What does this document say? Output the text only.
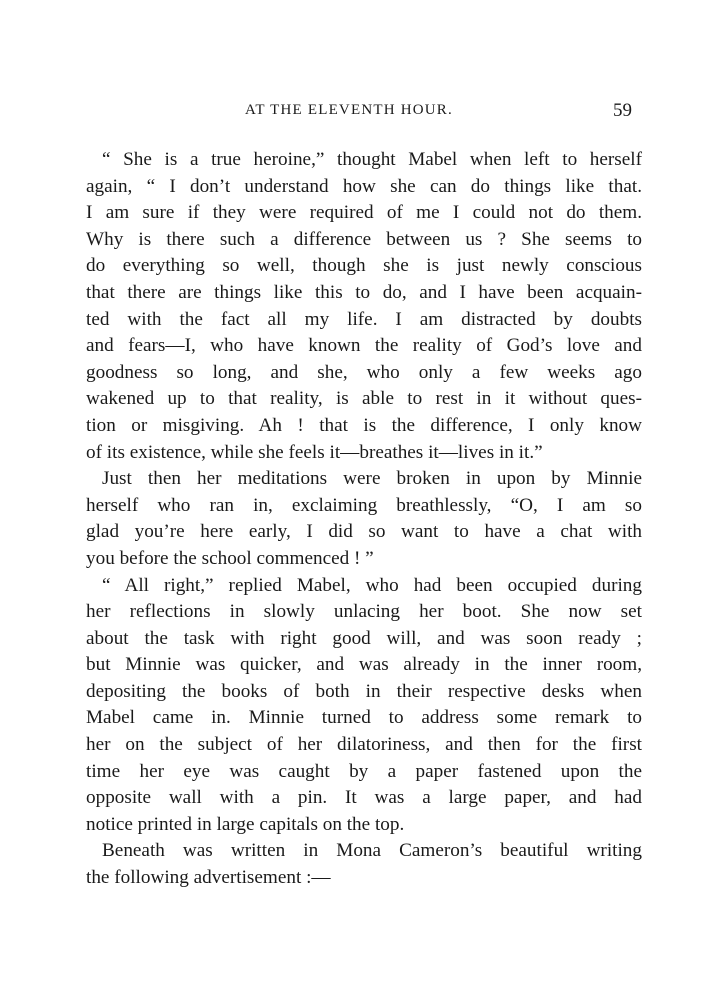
AT THE ELEVENTH HOUR.	59
“ She is a true heroine,” thought Mabel when left to herself
again, “ I don’t understand how she can do things like that.
I am sure if they were required of me I could not do them.
Why is there such a difference between us ? She seems to
do everything so well, though she is just newly conscious
that there are things like this to do, and I have been acquain-
ted with the fact all my life. I am distracted by doubts
and fears—I, who have known the reality of God’s love and
goodness so long, and she, who only a few weeks ago
wakened up to that reality, is able to rest in it without ques-
tion or misgiving. Ah ! that is the difference, I only know
of its existence, while she feels it—breathes it—lives in it.”
Just then her meditations were broken in upon by Minnie
herself who ran in, exclaiming breathlessly, “O, I am so
glad you’re here early, I did so want to have a chat with
you before the school commenced ! ”
“ All right,” replied Mabel, who had been occupied during
her reflections in slowly unlacing her boot. She now set
about the task with right good will, and was soon ready ;
but Minnie was quicker, and was already in the inner room,
depositing the books of both in their respective desks when
Mabel came in. Minnie turned to address some remark to
her on the subject of her dilatoriness, and then for the first
time her eye was caught by a paper fastened upon the
opposite wall with a pin. It was a large paper, and had
notice printed in large capitals on the top.
Beneath was written in Mona Cameron’s beautiful writing
the following advertisement :—
